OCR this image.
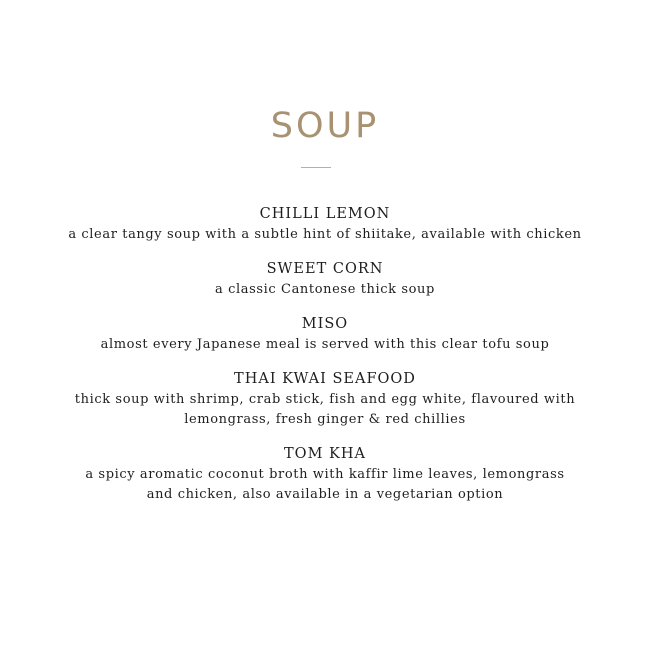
SOUP
CHILLI LEMON
a clear tangy soup with a subtle hint of shiitake, available with chicken
SWEET CORN
a classic Cantonese thick soup
MISO
almost every Japanese meal is served with this clear tofu soup
THAI KWAI SEAFOOD
thick soup with shrimp, crab stick, fish and egg white, flavoured with
lemongrass, fresh ginger & red chillies
TOM KHA
a spicy aromatic coconut broth with kaffir lime leaves, lemongrass
and chicken, also available in a vegetarian option
